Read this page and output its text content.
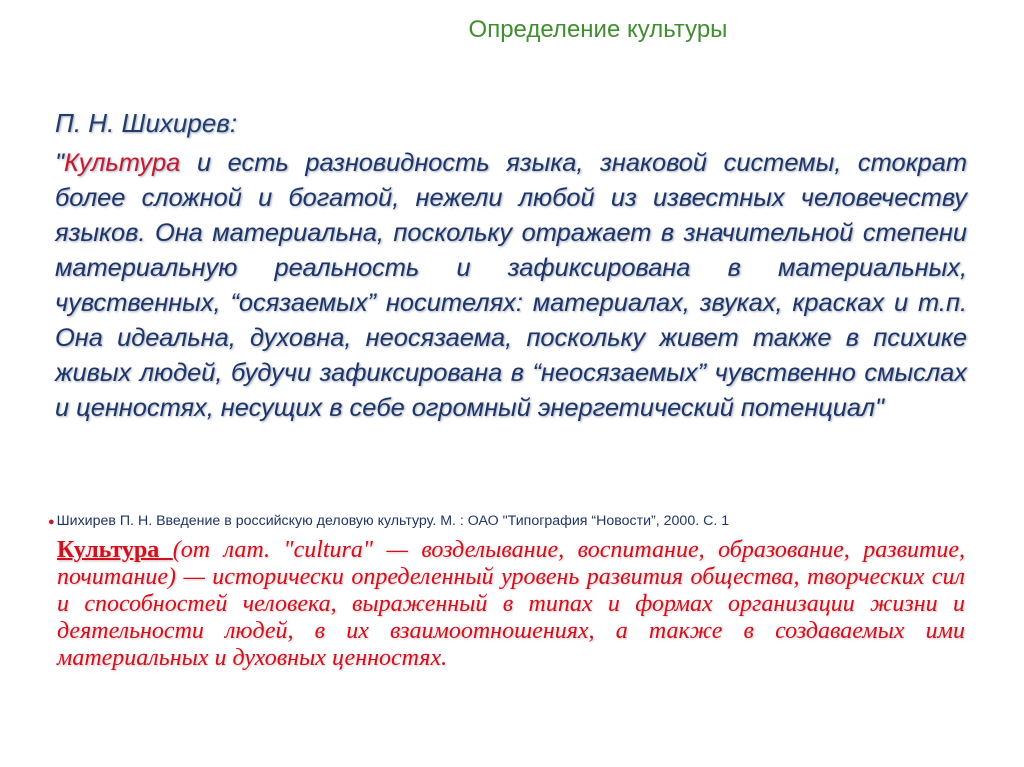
Определение культуры
П. Н. Шихирев:
"Культура и есть разновидность языка, знаковой системы, стократ более сложной и богатой, нежели любой из известных человечеству языков. Она материальна, поскольку отражает в значительной степени материальную реальность и зафиксирована в материальных, чувственных, “осязаемых” носителях: материалах, звуках, красках и т.п. Она идеальна, духовна, неосязаема, поскольку живет также в психике живых людей, будучи зафиксирована в “неосязаемых” чувственно смыслах и ценностях, несущих в себе огромный энергетический потенциал"
● Шихирев П. Н. Введение в российскую деловую культуру. М. : ОАО "Типография “Новости”, 2000. С. 1
Культура (от лат. "cultura" — возделывание, воспитание, образование, развитие, почитание) — исторически определенный уровень развития общества, творческих сил и способностей человека, выраженный в типах и формах организации жизни и деятельности людей, в их взаимоотношениях, а также в создаваемых ими материальных и духовных ценностях.
